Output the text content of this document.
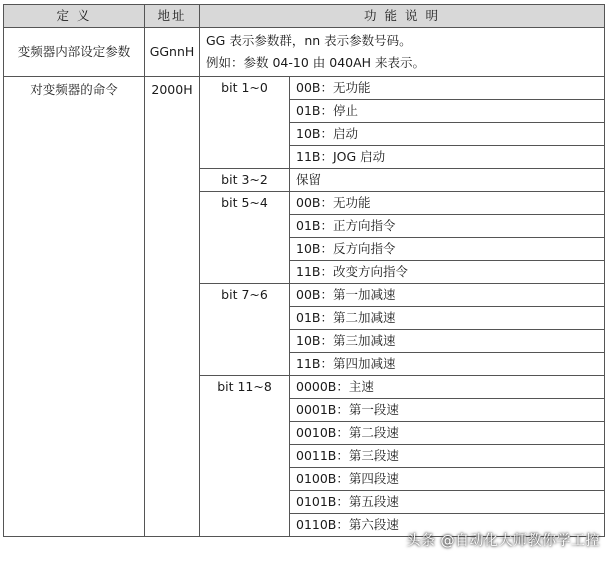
定 义	地址	功 能 说 明	
变频器内部设定参数	GGnnH	GG 表示参数群，nn 表示参数号码。
例如：参数 04-10 由 040AH 来表示。	

对变频器的命令	2000H	bit 1~0	00B：无功能
			01B：停止
			10B：启动
			11B：JOG 启动
		bit 3~2	保留
		bit 5~4	00B：无功能
			01B：正方向指令
			10B：反方向指令
			11B：改变方向指令
		bit 7~6	00B：第一加减速
			01B：第二加减速
			10B：第三加减速
			11B：第四加减速
		bit 11~8	0000B：主速
			0001B：第一段速
			0010B：第二段速
			0011B：第三段速
			0100B：第四段速
			0101B：第五段速
			0110B：第六段速
头条 @自动化大师教你学工控
